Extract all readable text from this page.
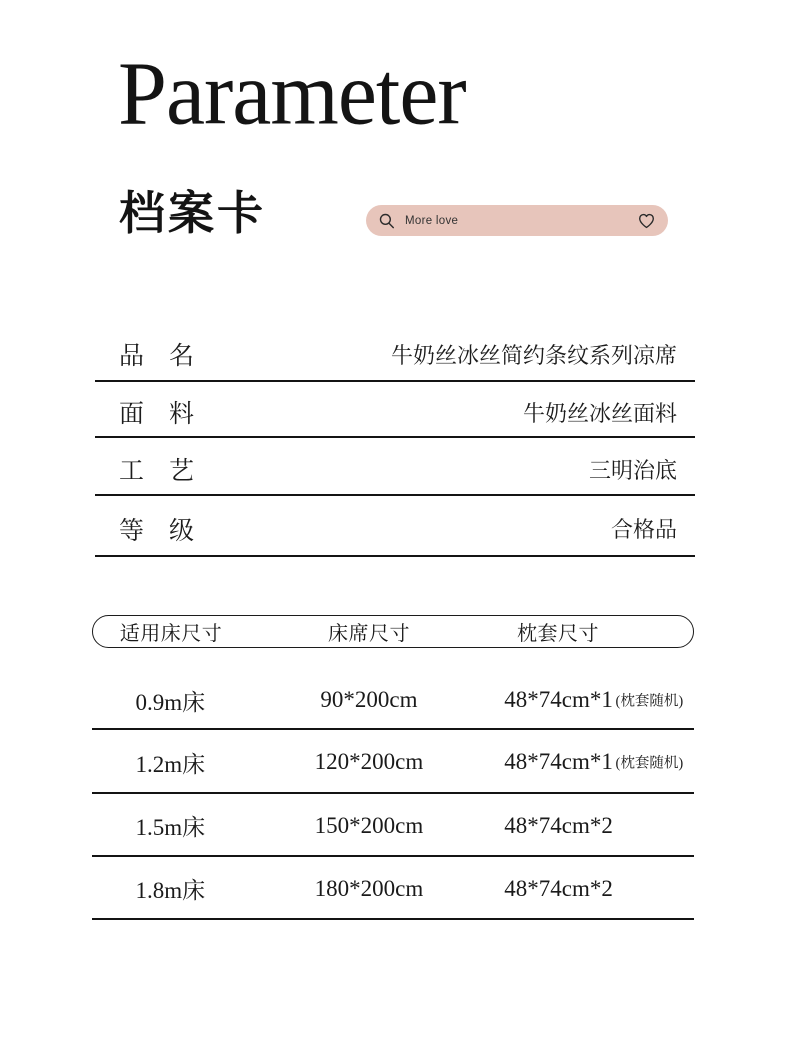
Parameter
档案卡	More love
品　名	牛奶丝冰丝简约条纹系列凉席
面　料	牛奶丝冰丝面料
工　艺	三明治底
等　级	合格品
适用床尺寸	床席尺寸	枕套尺寸
0.9m床	90*200cm	48*74cm*1 (枕套随机)
1.2m床	120*200cm	48*74cm*1 (枕套随机)
1.5m床	150*200cm	48*74cm*2
1.8m床	180*200cm	48*74cm*2
